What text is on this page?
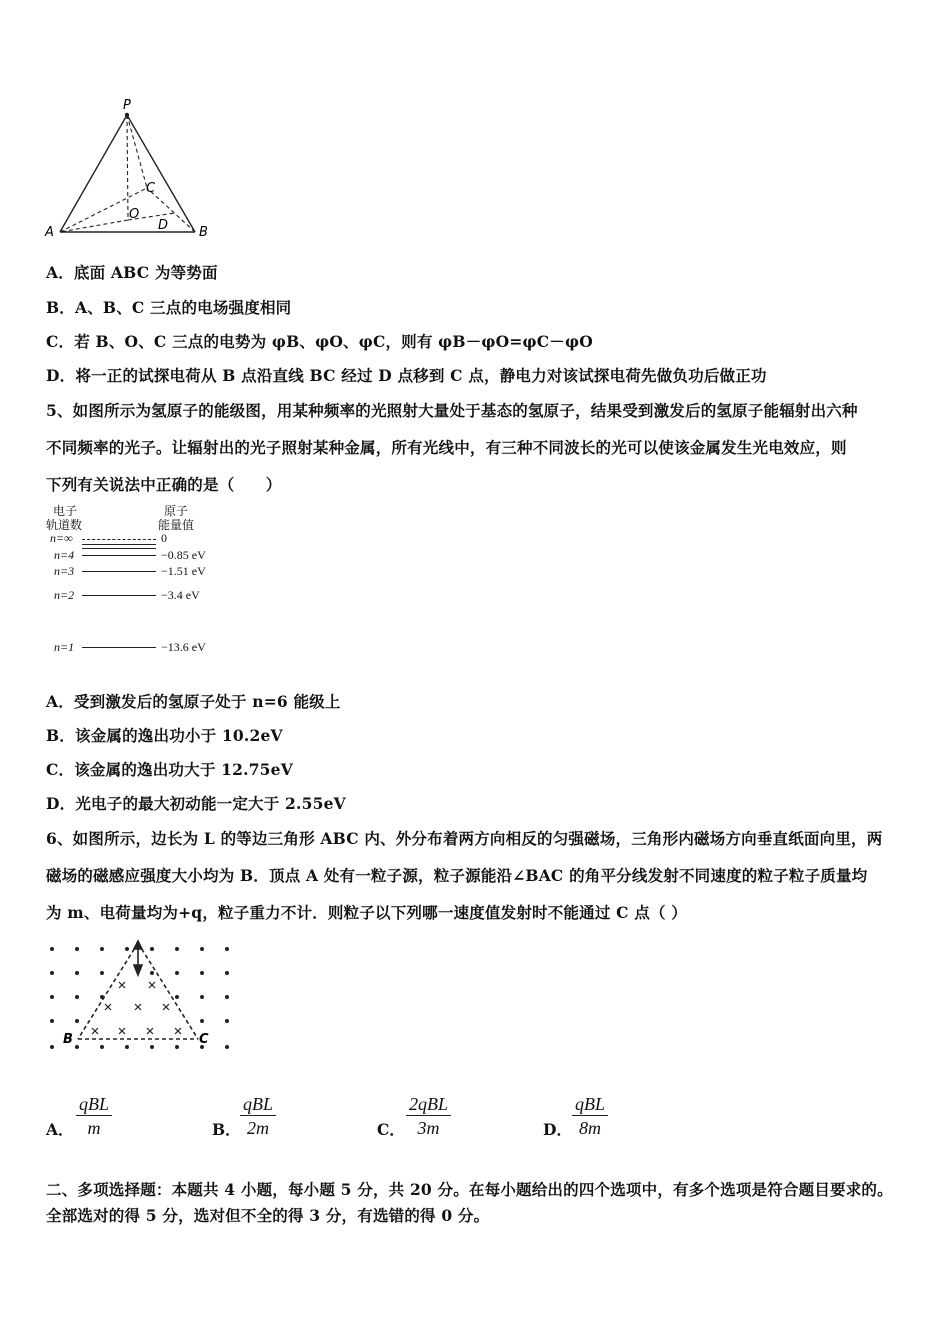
P
A	B
C
O
D
A．底面 ABC 为等势面
B．A、B、C 三点的电场强度相同
C．若 B、O、C 三点的电势为 φB、φO、φC，则有 φB－φO=φC－φO
D．将一正的试探电荷从 B 点沿直线 BC 经过 D 点移到 C 点，静电力对该试探电荷先做负功后做正功
5、如图所示为氢原子的能级图，用某种频率的光照射大量处于基态的氢原子，结果受到激发后的氢原子能辐射出六种
不同频率的光子。让辐射出的光子照射某种金属，所有光线中，有三种不同波长的光可以使该金属发生光电效应，则
下列有关说法中正确的是（　　）
电子
轨道数
原子
能量值
n=∞	0
n=4	−0.85 eV
n=3	−1.51 eV
n=2	−3.4 eV
n=1	−13.6 eV
A．受到激发后的氢原子处于 n=6 能级上
B．该金属的逸出功小于 10.2eV
C．该金属的逸出功大于 12.75eV
D．光电子的最大初动能一定大于 2.55eV
6、如图所示，边长为 L 的等边三角形 ABC 内、外分布着两方向相反的匀强磁场，三角形内磁场方向垂直纸面向里，两
磁场的磁感应强度大小均为 B．顶点 A 处有一粒子源，粒子源能沿∠BAC 的角平分线发射不同速度的粒子粒子质量均
为 m、电荷量均为+q，粒子重力不计．则粒子以下列哪一速度值发射时不能通过 C 点（ ）
B	C
A．
qBL
m	B．
qBL
2m	C．
2qBL
3m	D．
qBL
8m
二、多项选择题：本题共 4 小题，每小题 5 分，共 20 分。在每小题给出的四个选项中，有多个选项是符合题目要求的。
全部选对的得 5 分，选对但不全的得 3 分，有选错的得 0 分。
